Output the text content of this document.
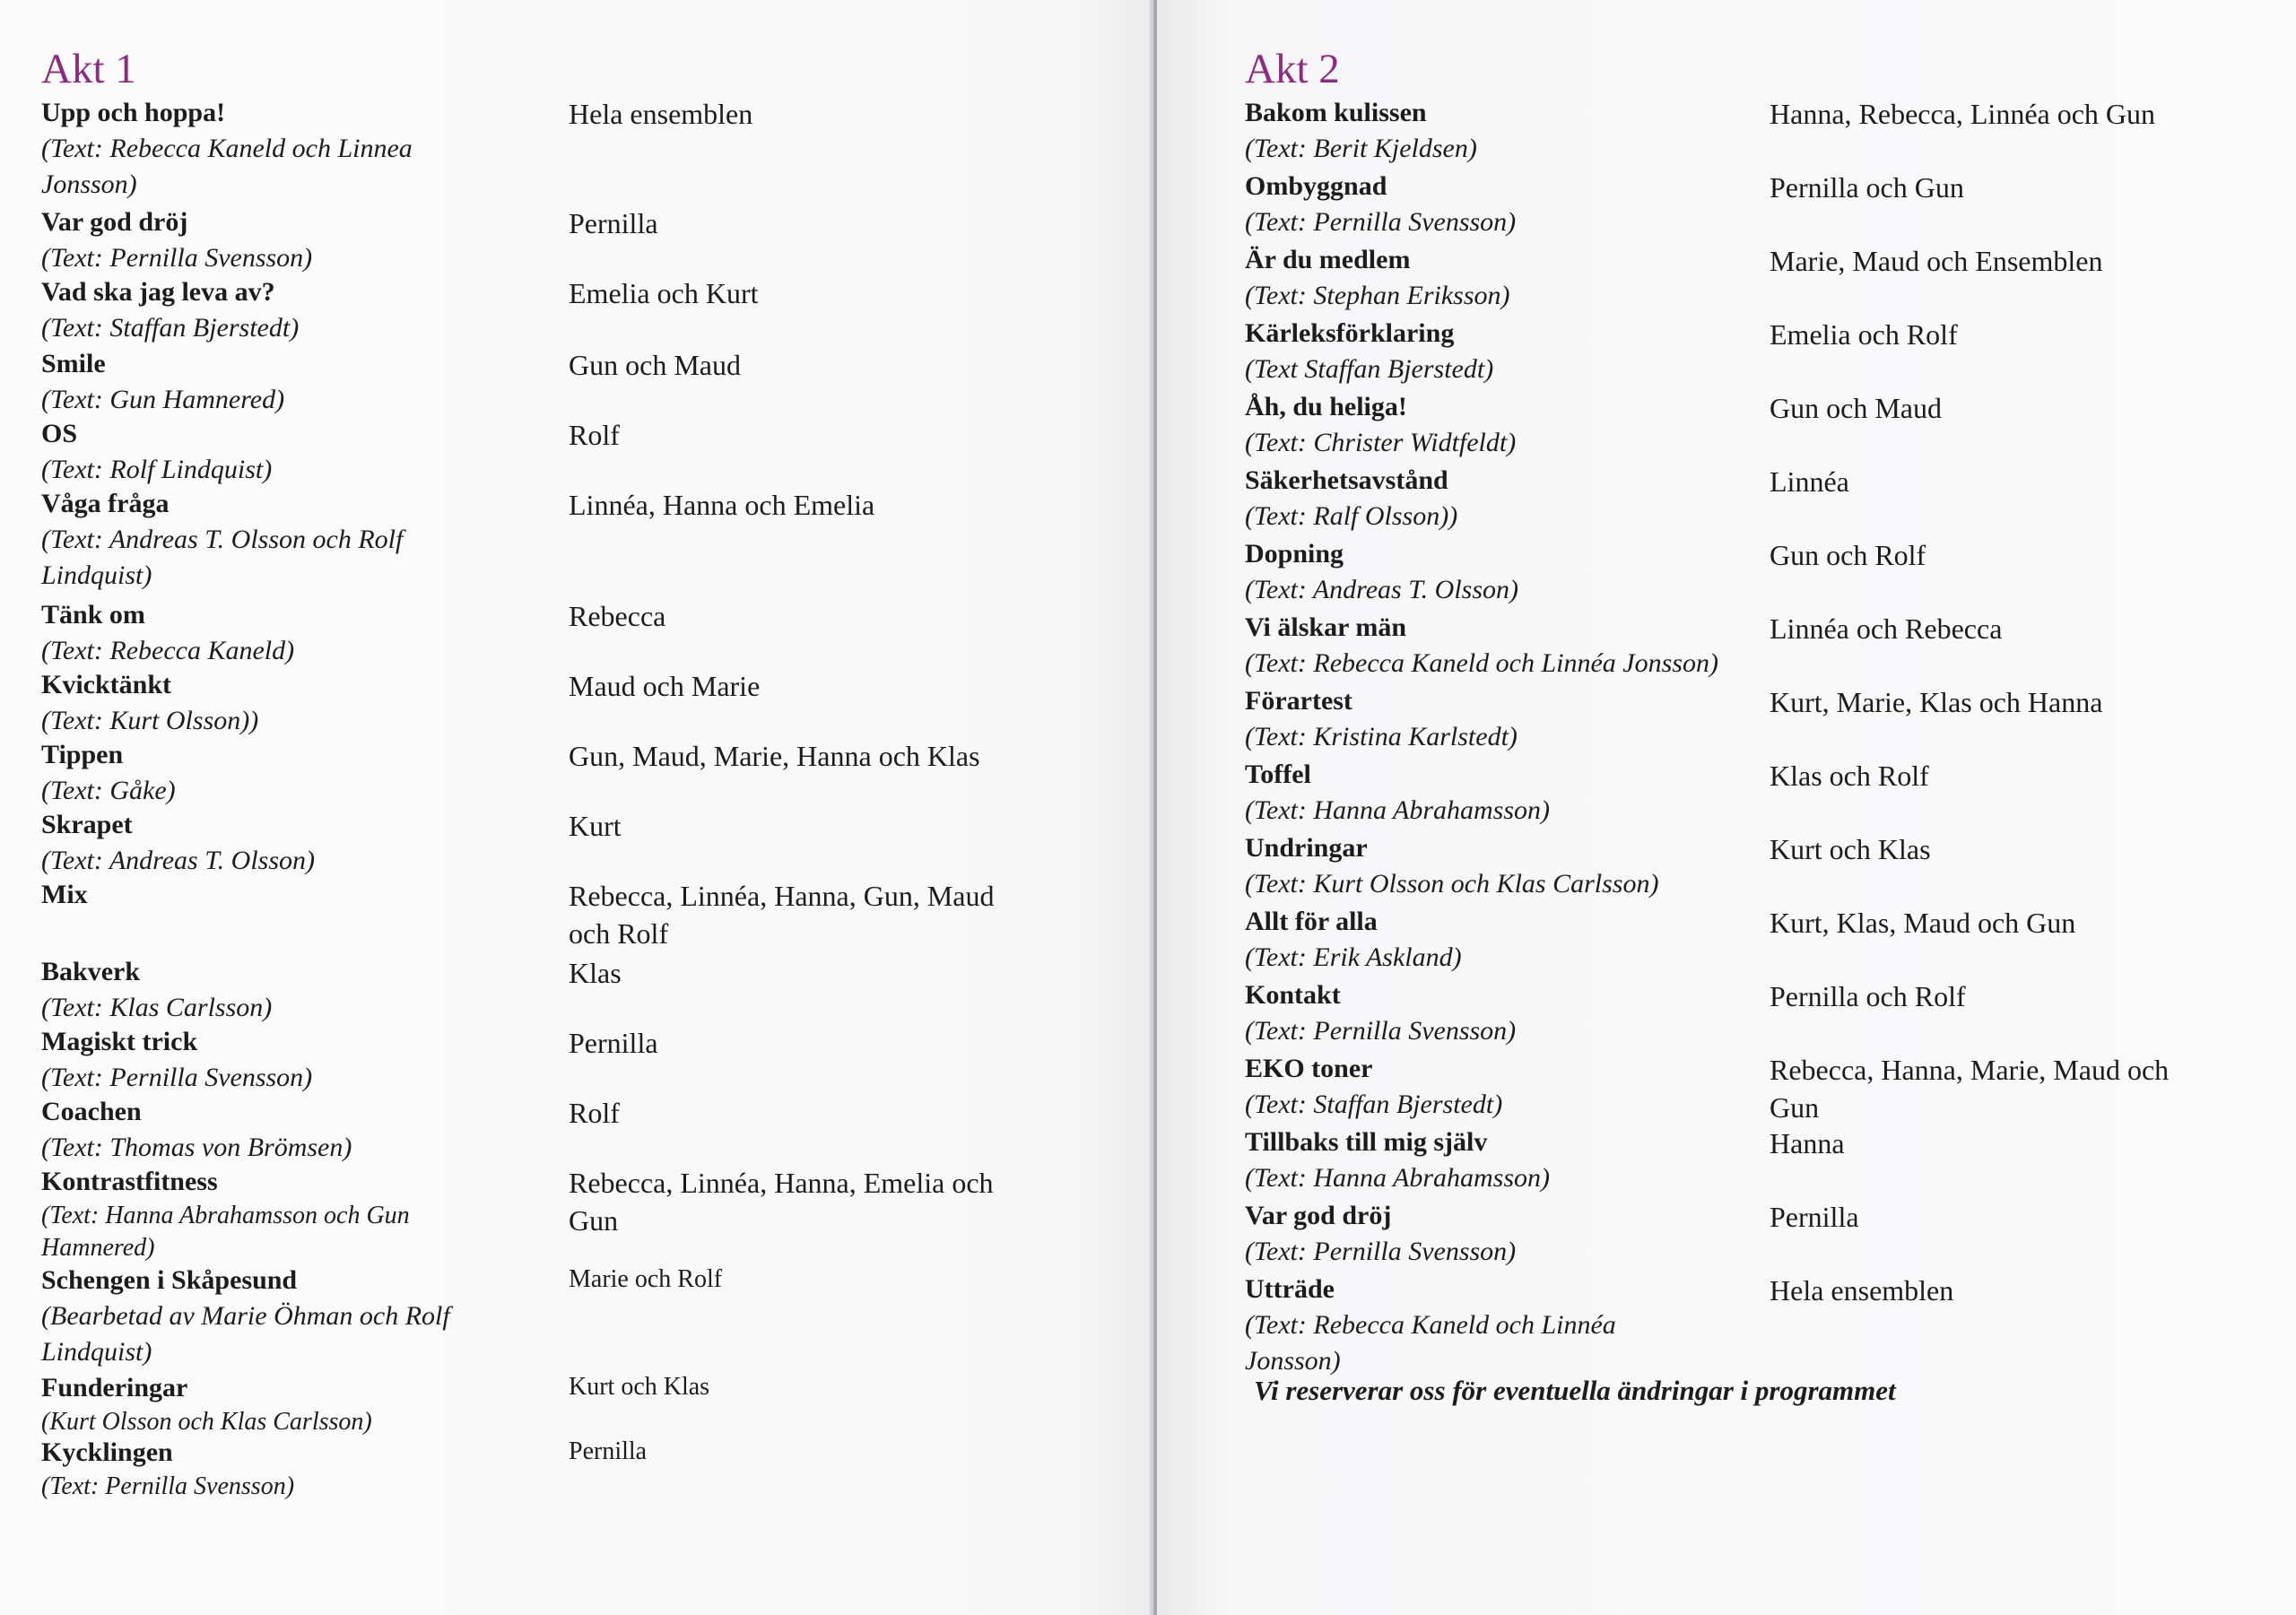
Akt 1
Upp och hoppa!
(Text: Rebecca Kaneld och Linnea
Jonsson)
Hela ensemblen
Var god dröj
(Text: Pernilla Svensson)
Pernilla
Vad ska jag leva av?
(Text: Staffan Bjerstedt)
Emelia och Kurt
Smile
(Text: Gun Hamnered)
Gun och Maud
OS
(Text: Rolf Lindquist)
Rolf
Våga fråga
(Text: Andreas T. Olsson och Rolf
Lindquist)
Linnéa, Hanna och Emelia
Tänk om
(Text: Rebecca Kaneld)
Rebecca
Kvicktänkt
(Text: Kurt Olsson))
Maud och Marie
Tippen
(Text: Gåke)
Gun, Maud, Marie, Hanna och Klas
Skrapet
(Text: Andreas T. Olsson)
Kurt
Mix	Rebecca, Linnéa, Hanna, Gun, Maud
och Rolf
Bakverk
(Text: Klas Carlsson)
Klas
Magiskt trick
(Text: Pernilla Svensson)
Pernilla
Coachen
(Text: Thomas von Brömsen)
Rolf
Kontrastfitness
(Text: Hanna Abrahamsson och Gun
Hamnered)
Rebecca, Linnéa, Hanna, Emelia och
Gun
Schengen i Skåpesund
(Bearbetad av Marie Öhman och Rolf
Lindquist)
Marie och Rolf
Funderingar
(Kurt Olsson och Klas Carlsson)
Kurt och Klas
Kycklingen
(Text: Pernilla Svensson)
Pernilla
Akt 2
Bakom kulissen
(Text: Berit Kjeldsen)
Hanna, Rebecca, Linnéa och Gun
Ombyggnad
(Text: Pernilla Svensson)
Pernilla och Gun
Är du medlem
(Text: Stephan Eriksson)
Marie, Maud och Ensemblen
Kärleksförklaring
(Text Staffan Bjerstedt)
Emelia och Rolf
Åh, du heliga!
(Text: Christer Widtfeldt)
Gun och Maud
Säkerhetsavstånd
(Text: Ralf Olsson))
Linnéa
Dopning
(Text: Andreas T. Olsson)
Gun och Rolf
Vi älskar män
(Text: Rebecca Kaneld och Linnéa Jonsson)
Linnéa och Rebecca
Förartest
(Text: Kristina Karlstedt)
Kurt, Marie, Klas och Hanna
Toffel
(Text: Hanna Abrahamsson)
Klas och Rolf
Undringar
(Text: Kurt Olsson och Klas Carlsson)
Kurt och Klas
Allt för alla
(Text: Erik Askland)
Kurt, Klas, Maud och Gun
Kontakt
(Text: Pernilla Svensson)
Pernilla och Rolf
EKO toner
(Text: Staffan Bjerstedt)
Rebecca, Hanna, Marie, Maud och
Gun
Tillbaks till mig själv
(Text: Hanna Abrahamsson)
Hanna
Var god dröj
(Text: Pernilla Svensson)
Pernilla
Utträde
(Text: Rebecca Kaneld och Linnéa
Jonsson)
Hela ensemblen
Vi reserverar oss för eventuella ändringar i programmet
